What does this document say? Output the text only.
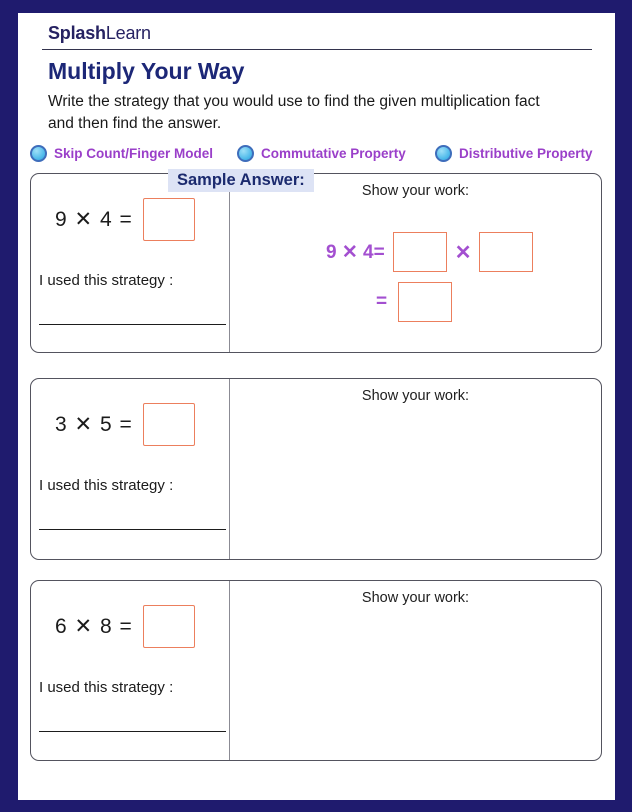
SplashLearn
Multiply Your Way
Write the strategy that you would use to find the given multiplication fact
and then find the answer.
Skip Count/Finger Model	Commutative Property	Distributive Property
Sample Answer:
9 ✕ 4 =
I used this strategy :
Show your work:
9 ✕ 4=	✕
=
3 ✕ 5 =
I used this strategy :
Show your work:
6 ✕ 8 =
I used this strategy :
Show your work:
